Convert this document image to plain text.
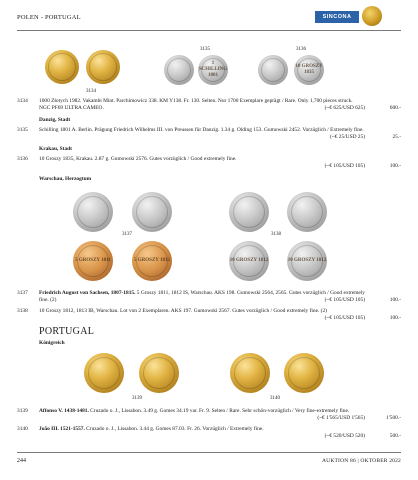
POLEN - PORTUGAL	SINCONA
3134
1 SCHILLING 1801
3135
10 GROSZY 1835
3136
3134	1000 Złotych 1982. Vakambi Mint. Parchimowicz 338. KM Y138. Fr. 130. Selten. Nur 1700 Exemplare geprägt / Rare. Only 1,700 pieces struck. NGC PF69 ULTRA CAMEO.	(~€ 625/USD 625)	600.-
Danzig, Stadt
3135	Schilling 1801 A. Berlin. Prägung Friedrich Wilhelms III. von Preussen für Danzig. 1.34 g. Olding 153. Gumowski 2452. Vorzüglich / Extremely fine.
(~€ 25/USD 25)	25.-
Krakau, Stadt
3136	10 Groszy 1835, Krakau. 2.87 g. Gumowski 2576. Gutes vorzüglich / Good extremely fine.
(~€ 105/USD 105)	100.-
Warschau, Herzogtum
3137	3138
5 GROSZY 1811	5 GROSZY 1812	10 GROSZY 1812	10 GROSZY 1812
3137	Friedrich August von Sachsen, 1807-1815. 5 Groszy 1811, 1812 IS, Warschau. AKS 198. Gumowski 2564, 2565. Gutes vorzüglich / Good extremely fine. (2)	(~€ 105/USD 105)	100.-
3138	10 Groszy 1812, 1813 IB, Warschau. Lot von 2 Exemplaren. AKS 197. Gumowski 2567. Gutes vorzüglich / Good extremely fine. (2)
(~€ 105/USD 105)	100.-
PORTUGAL
Königreich
3139	3140
3139	Affonso V. 1438-1481. Cruzado o. J., Lissabon. 3.49 g. Gomes 34.19 var. Fr. 9. Selten / Rare. Sehr schön-vorzüglich / Very fine-extremely fine.
(~€ 1'565/USD 1'565)	1'500.-
3140	João III. 1521-1557. Cruzado o. J., Lissabon. 3.44 g. Gomes 87.03. Fr. 26. Vorzüglich / Extremely fine.
(~€ 520/USD 520)	500.-
244	AUKTION 86 | OKTOBER 2022
